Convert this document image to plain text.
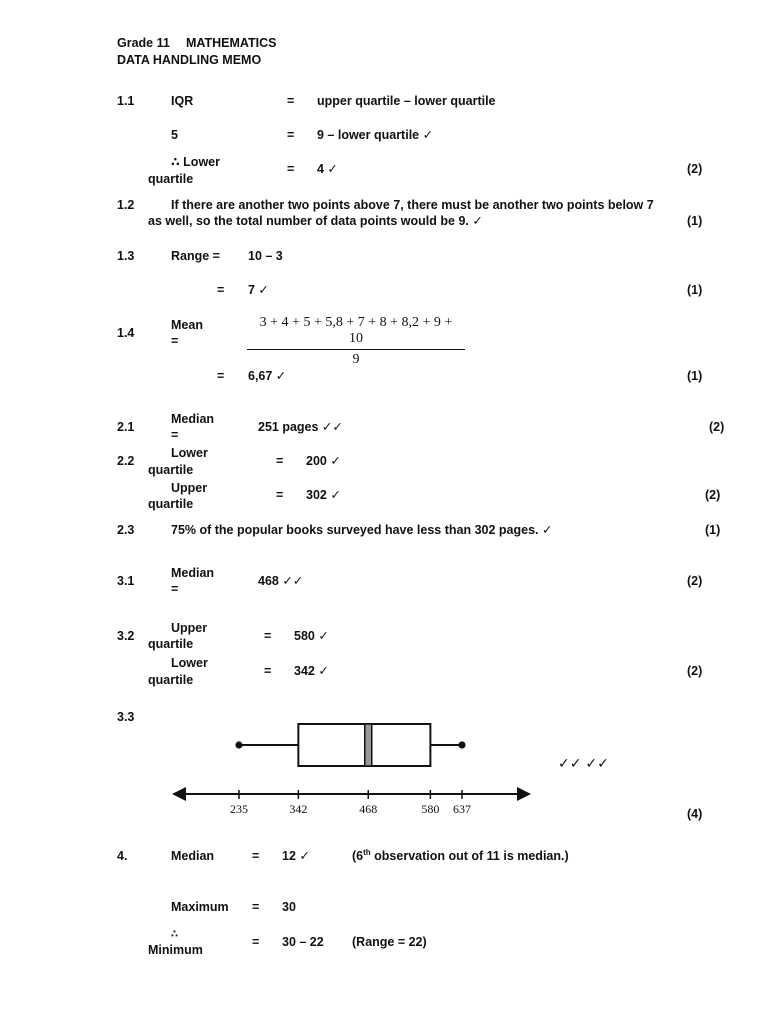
Grade 11 MATHEMATICS
DATA HANDLING MEMO
1.1	IQR	= upper quartile – lower quartile
5	= 9 – lower quartile ✓
∴ Lower
quartile
= 4 ✓	(2)
1.2	If there are another two points above 7, there must be another two points below 7
as well, so the total number of data points would be 9. ✓	(1)
1.3	Range = 10 – 3
= 7 ✓	(1)
1.4
Mean
=	$\frac{3 + 4 + 5 + 5,8 + 7 + 8 + 8,2 + 9 + 10}{9}$
= 6,67 ✓	(1)
2.1
Median
=
251 pages ✓✓	(2)
2.2
Lower
quartile
= 200 ✓
Upper
quartile
= 302 ✓	(2)
2.3	75% of the popular books surveyed have less than 302 pages. ✓	(1)
3.1
Median
=
468 ✓✓	(2)
3.2
Upper
quartile
= 580 ✓
Lower
quartile
= 342 ✓	(2)
3.3
235	342	468	580 637
✓✓ ✓✓
(4)
4.	Median	= 12 ✓	(6th observation out of 11 is median.)
Maximum = 30
∴
Minimum
= 30 – 22 (Range = 22)
